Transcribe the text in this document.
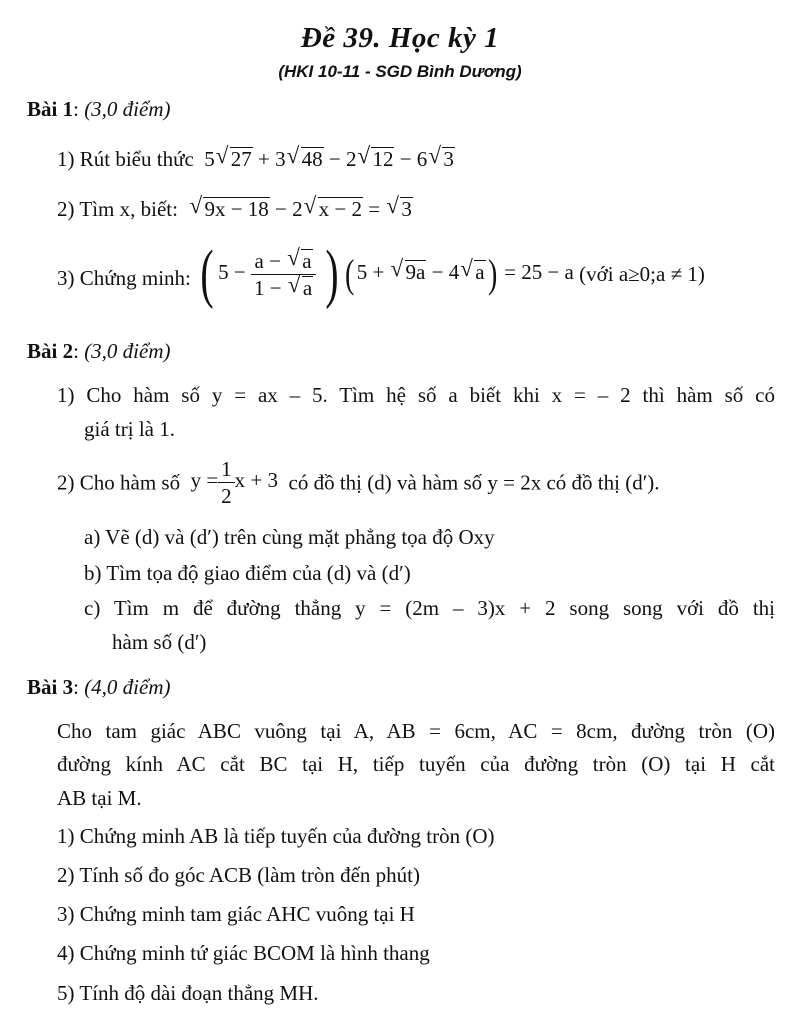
Đề 39. Học kỳ 1
(HKI 10-11 - SGD Bình Dương)
Bài 1: (3,0 điểm)
1) Rút biểu thức  5 √ 27 + 3 √ 48 − 2 √ 12 − 6 √ 3
2) Tìm x, biết: √ 9x − 18 − 2 √ x − 2 = √ 3
3) Chứng minh: ( $5 - \frac{a - √ a}{1 - √ a}$ ) (5 + √ 9a − 4 √ a) = 25 − a (với a≥0;a ≠ 1)
Bài 2: (3,0 điểm)
1) Cho hàm số y = ax – 5. Tìm hệ số a biết khi x = – 2 thì hàm số có
giá trị là 1.
2) Cho hàm số  $y = \frac{1}{2}$ x + 3  có đồ thị (d) và hàm số y = 2x có đồ thị (d′).
a) Vẽ (d) và (d′) trên cùng mặt phẳng tọa độ Oxy
b) Tìm tọa độ giao điểm của (d) và (d′)
c) Tìm m để đường thẳng y = (2m – 3)x + 2 song song với đồ thị
hàm số (d′)
Bài 3: (4,0 điểm)
Cho tam giác ABC vuông tại A, AB = 6cm, AC = 8cm, đường tròn (O)
đường kính AC cắt BC tại H, tiếp tuyến của đường tròn (O) tại H cắt
AB tại M.
1) Chứng minh AB là tiếp tuyến của đường tròn (O)
2) Tính số đo góc ACB (làm tròn đến phút)
3) Chứng minh tam giác AHC vuông tại H
4) Chứng minh tứ giác BCOM là hình thang
5) Tính độ dài đoạn thẳng MH.
